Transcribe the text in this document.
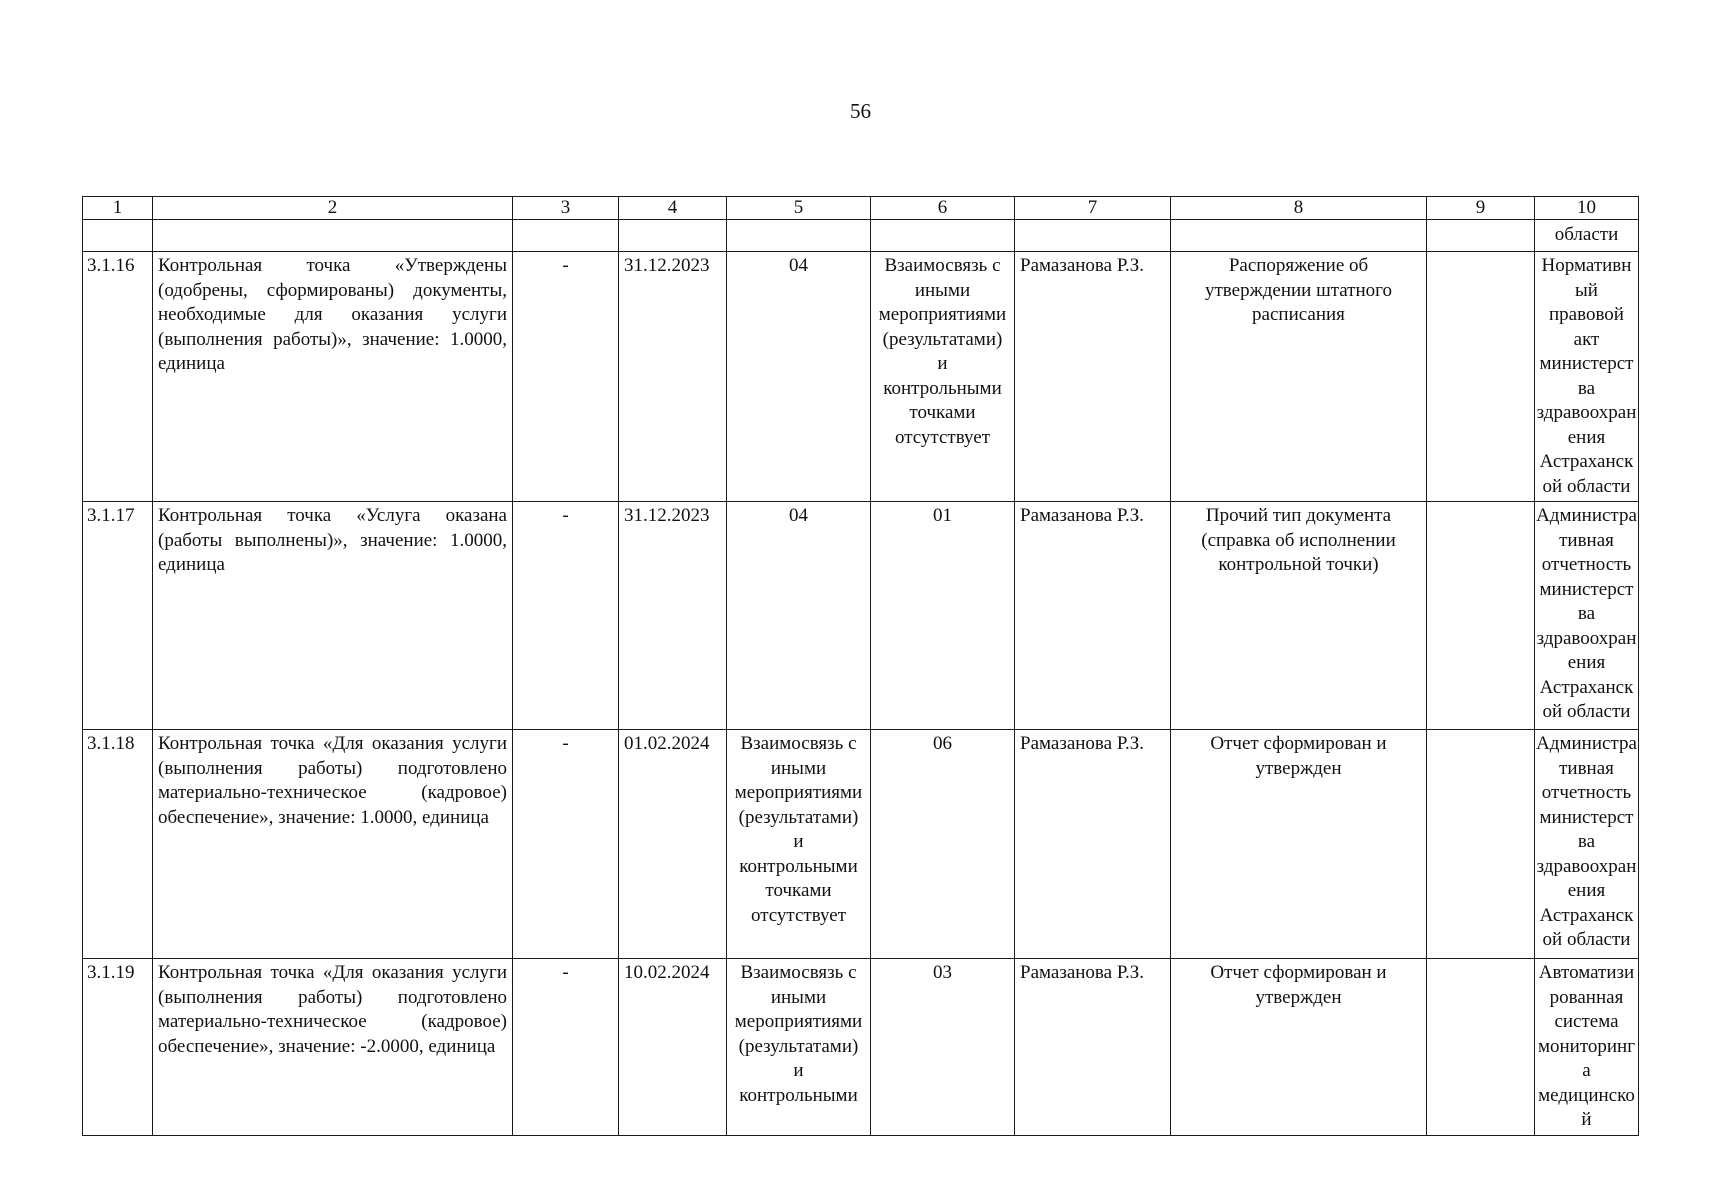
56
1	2	3	4	5	6	7	8	9	10
									области
3.1.16	Контрольная точка «Утверждены (одобрены, сформированы) документы, необходимые для оказания услуги (выполнения работы)», значение: 1.0000, единица	-	31.12.2023	04	Взаимосвязь с иными мероприятиями (результатами) и контрольными точками отсутствует	Рамазанова Р.З.	Распоряжение об утверждении штатного расписания		Нормативный правовой акт министерства здравоохранения Астраханской области
3.1.17	Контрольная точка «Услуга оказана (работы выполнены)», значение: 1.0000, единица	-	31.12.2023	04	01	Рамазанова Р.З.	Прочий тип документа (справка об исполнении контрольной точки)		Административная отчетность министерства здравоохранения Астраханской области
3.1.18	Контрольная точка «Для оказания услуги (выполнения работы) подготовлено материально-техническое (кадровое) обеспечение», значение: 1.0000, единица	-	01.02.2024	Взаимосвязь с иными мероприятиями (результатами) и контрольными точками отсутствует	06	Рамазанова Р.З.	Отчет сформирован и утвержден		Административная отчетность министерства здравоохранения Астраханской области
3.1.19	Контрольная точка «Для оказания услуги (выполнения работы) подготовлено материально-техническое (кадровое) обеспечение», значение: -2.0000, единица	-	10.02.2024	Взаимосвязь с иными мероприятиями (результатами) и контрольными	03	Рамазанова Р.З.	Отчет сформирован и утвержден		Автоматизированная система мониторинга медицинской
